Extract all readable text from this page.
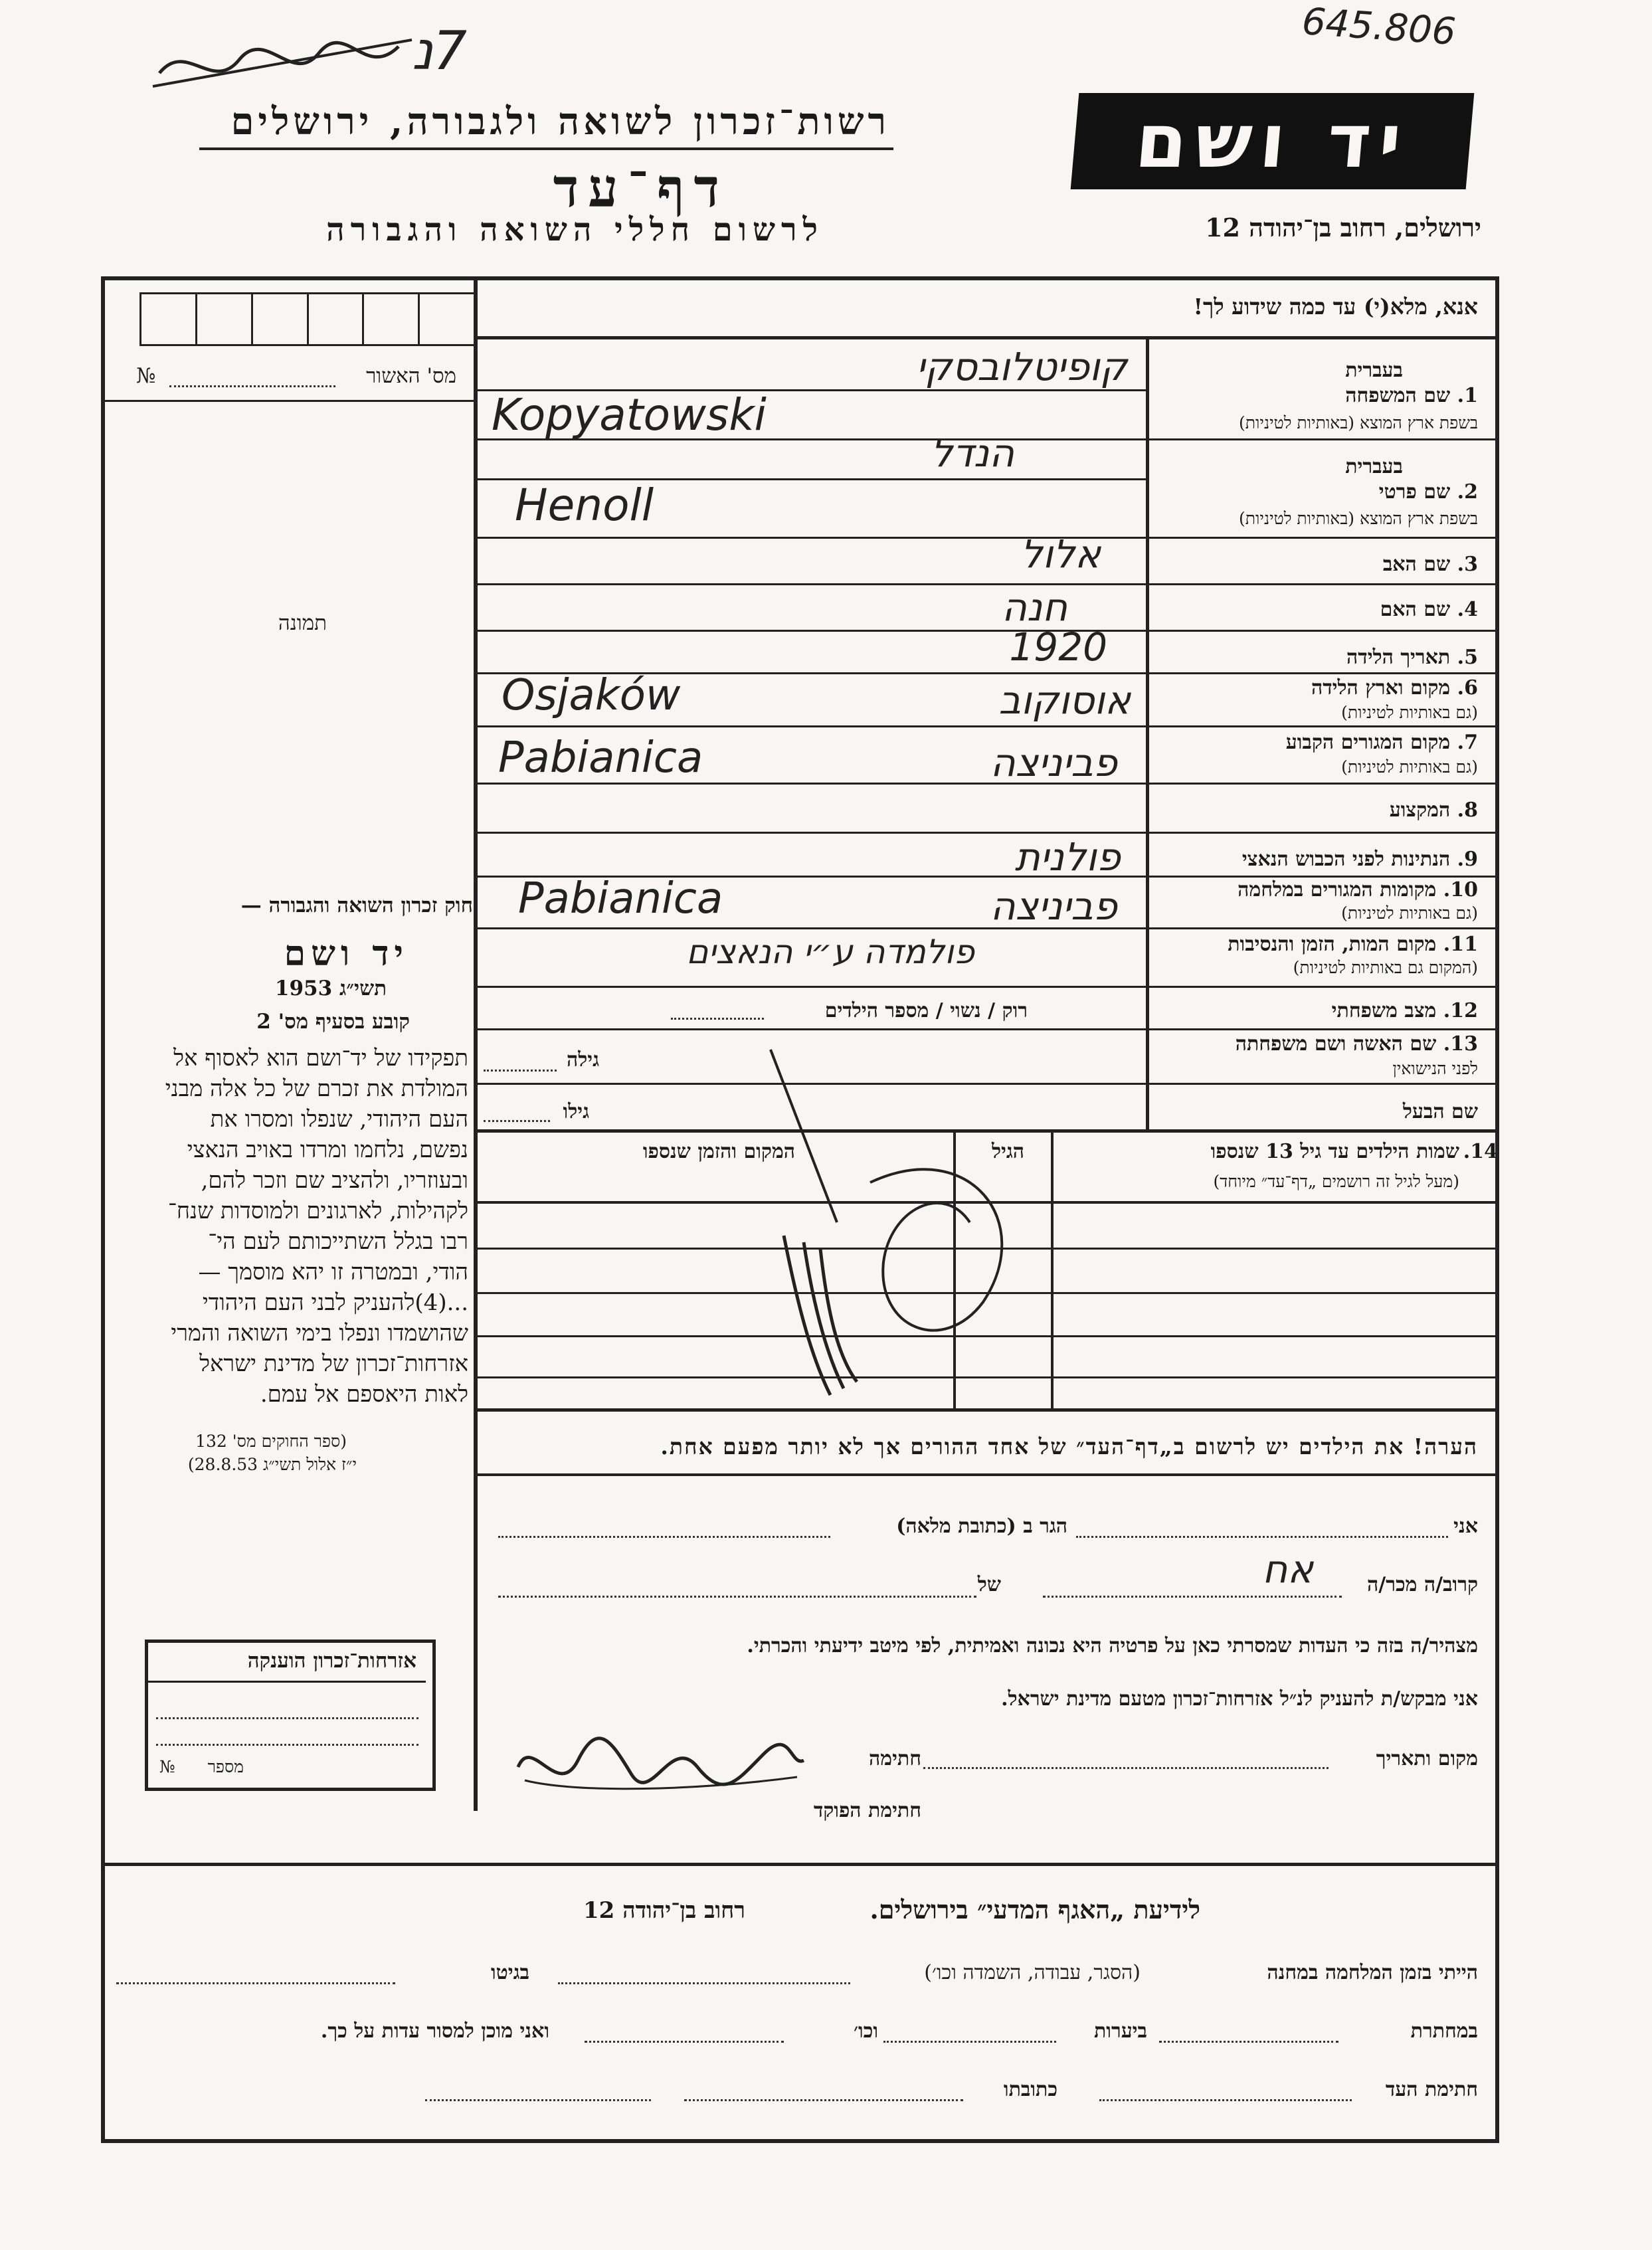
645.806
7נ
רשות־זכרון לשואה ולגבורה, ירושלים
דף־עד
לרשום חללי השואה והגבורה
יד ושם
ירושלים, רחוב בן־יהודה 12
מס' האשור
№
תמונה
חוק זכרון השואה והגבורה —
יד ושם
תשי״ג 1953
קובע בסעיף מס' 2
תפקידו של יד־ושם הוא לאסוף אל
המולדת את זכרם של כל אלה מבני
העם היהודי, שנפלו ומסרו את
נפשם, נלחמו ומרדו באויב הנאצי
ובעוזריו, ולהציב שם וזכר להם,
לקהילות, לארגונים ולמוסדות שנח־
רבו בגלל השתייכותם לעם הי־
הודי, ובמטרה זו יהא מוסמך —
...(4)להעניק לבני העם היהודי
שהושמדו ונפלו בימי השואה והמרי
אזרחות־זכרון של מדינת ישראל
לאות היאספם אל עמם.
(ספר החוקים מס' 132
י״ז אלול תשי״ג 28.8.53)
אזרחות־זכרון הוענקה
מספר
№
אנא, מלא(י) עד כמה שידוע לך!
בעברית
1. שם המשפחה
בשפת ארץ המוצא (באותיות לטיניות)
בעברית
2. שם פרטי
בשפת ארץ המוצא (באותיות לטיניות)
3. שם האב
4. שם האם
5. תאריך הלידה
6. מקום וארץ הלידה
(גם באותיות לטיניות)
7. מקום המגורים הקבוע
(גם באותיות לטיניות)
8. המקצוע
9. הנתינות לפני הכבוש הנאצי
10. מקומות המגורים במלחמה
(גם באותיות לטיניות)
11. מקום המות, הזמן והנסיבות
(המקום גם באותיות לטיניות)
12. מצב משפחתי
13. שם האשה ושם משפחתה
לפני הנישואין
שם הבעל
קופיטלובסקי
Kopyatowski
הנדל
Henoll
אלול
חנה
1920
אוסוקוב
Osjaków
פביניצה
Pabianica
פולנית
פביניצה
Pabianica
פולמדה ע״י הנאצים
רוק / נשוי / מספר הילדים
גילה
גילו
14.
שמות הילדים עד גיל 13 שנספו
(מעל לגיל זה רושמים „דף־עד״ מיוחד)
הגיל
המקום והזמן שנספו
הערה! את הילדים יש לרשום ב„דף־העד״ של אחד ההורים אך לא יותר מפעם אחת.
אני
הגר ב (כתובת מלאה)
קרוב/ה מכר/ה
אח
של
מצהיר/ה בזה כי העדות שמסרתי כאן על פרטיה היא נכונה ואמיתית, לפי מיטב ידיעתי והכרתי.
אני מבקש/ת להעניק לנ״ל אזרחות־זכרון מטעם מדינת ישראל.
מקום ותאריך
חתימה
חתימת הפוקד
לידיעת „האגף המדעי״ בירושלים.
רחוב בן־יהודה 12
הייתי בזמן המלחמה במחנה
(הסגר, עבודה, השמדה וכו׳)
בגיטו
במחתרת
ביערות
וכו׳
ואני מוכן למסור עדות על כך.
חתימת העד
כתובתו
